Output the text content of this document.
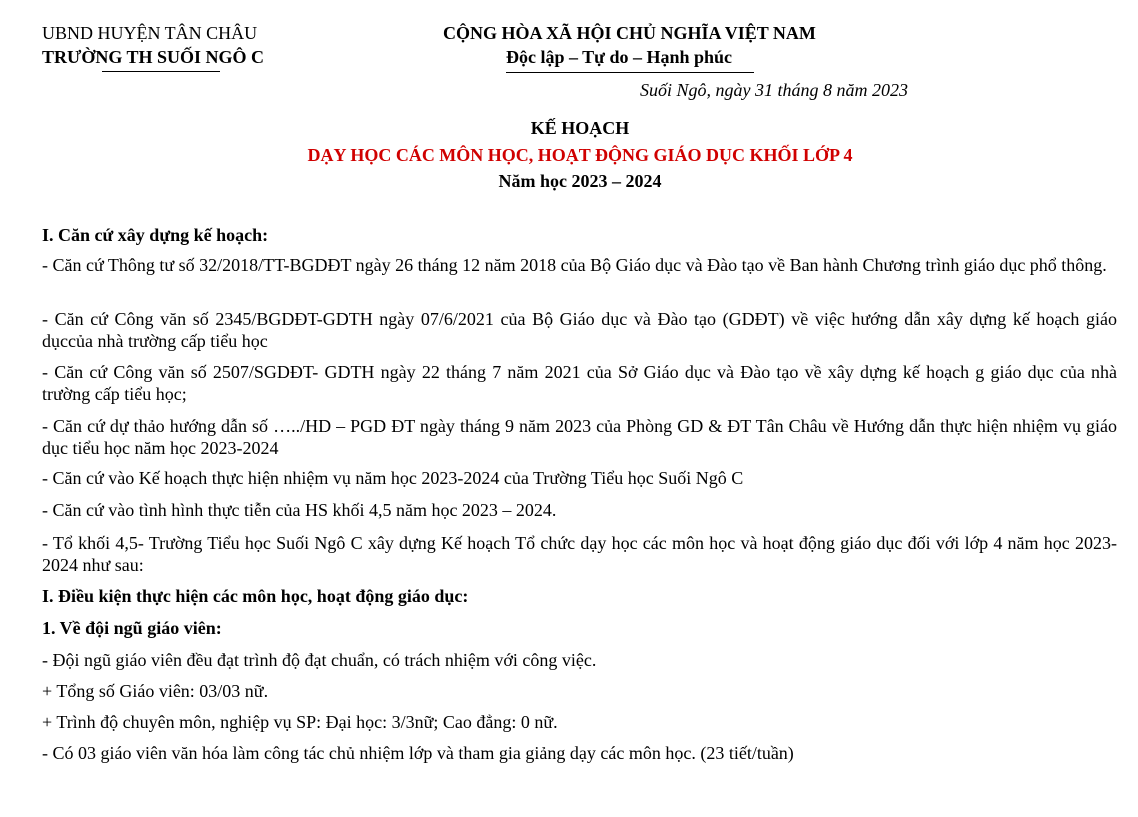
UBND HUYỆN TÂN CHÂU
TRƯỜNG TH SUỐI NGÔ C
CỘNG HÒA XÃ HỘI CHỦ NGHĨA VIỆT NAM
Độc lập – Tự do – Hạnh phúc
Suối Ngô, ngày 31 tháng 8 năm 2023
KẾ HOẠCH
DẠY HỌC CÁC MÔN HỌC, HOẠT ĐỘNG GIÁO DỤC KHỐI LỚP 4
Năm học 2023 – 2024
I. Căn cứ xây dựng kế hoạch:
- Căn cứ Thông tư số 32/2018/TT-BGDĐT ngày 26 tháng 12 năm 2018 của Bộ Giáo dục và Đào tạo về Ban hành Chương trình giáo dục phổ thông.
- Căn cứ Công văn số 2345/BGDĐT-GDTH ngày 07/6/2021 của Bộ Giáo dục và Đào tạo (GDĐT) về việc hướng dẫn xây dựng kế hoạch giáo dụccủa nhà trường cấp tiểu học
- Căn cứ Công văn số 2507/SGDĐT- GDTH ngày 22 tháng 7 năm 2021 của Sở Giáo dục và Đào tạo về xây dựng kế hoạch g giáo dục của nhà trường cấp tiểu học;
- Căn cứ dự thảo hướng dẫn số …../HD – PGD ĐT ngày tháng 9 năm 2023 của Phòng GD & ĐT Tân Châu về Hướng dẫn thực hiện nhiệm vụ giáo dục tiểu học năm học 2023-2024
- Căn cứ vào Kế hoạch thực hiện nhiệm vụ năm học 2023-2024 của Trường Tiểu học Suối Ngô C
- Căn cứ vào tình hình thực tiễn của HS khối 4,5 năm học 2023 – 2024.
- Tổ khối 4,5- Trường Tiểu học Suối Ngô C xây dựng Kế hoạch Tổ chức dạy học các môn học và hoạt động giáo dục đối với lớp 4 năm học 2023-2024 như sau:
I. Điều kiện thực hiện các môn học, hoạt động giáo dục:
1. Về đội ngũ giáo viên:
- Đội ngũ giáo viên đều đạt trình độ đạt chuẩn, có trách nhiệm với công việc.
+ Tổng số Giáo viên: 03/03 nữ.
+ Trình độ chuyên môn, nghiệp vụ SP: Đại học: 3/3nữ; Cao đẳng: 0 nữ.
- Có 03 giáo viên văn hóa làm công tác chủ nhiệm lớp và tham gia giảng dạy các môn học. (23 tiết/tuần)
